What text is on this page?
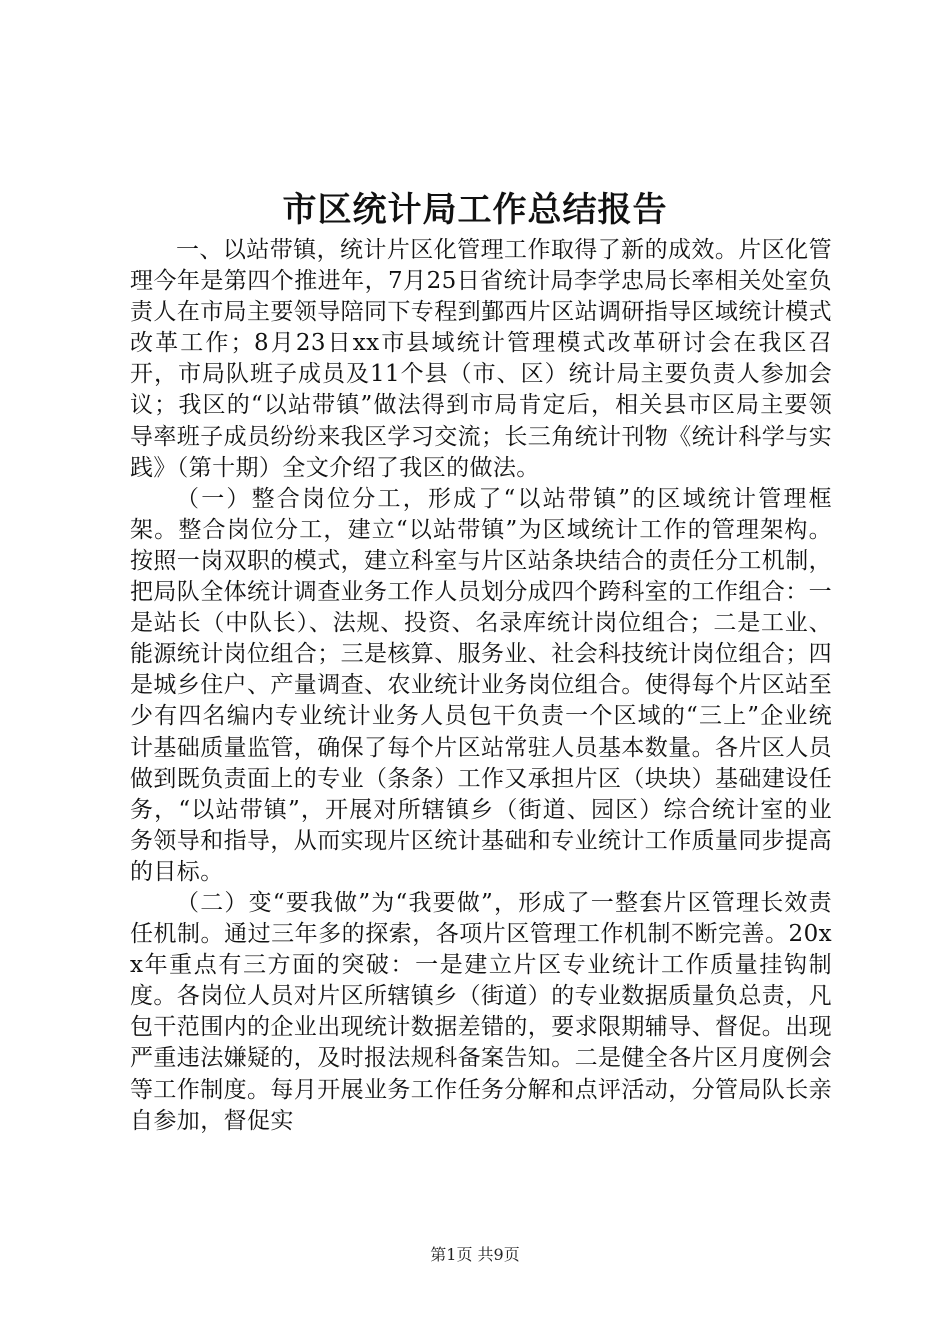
市区统计局工作总结报告

一、以站带镇，统计片区化管理工作取得了新的成效。片区化管理今年是第四个推进年，7月25日省统计局李学忠局长率相关处室负责人在市局主要领导陪同下专程到鄞西片区站调研指导区域统计模式改革工作；8月23日xx市县域统计管理模式改革研讨会在我区召开，市局队班子成员及11个县（市、区）统计局主要负责人参加会议；我区的“以站带镇”做法得到市局肯定后，相关县市区局主要领导率班子成员纷纷来我区学习交流；长三角统计刊物《统计科学与实践》（第十期）全文介绍了我区的做法。

（一）整合岗位分工，形成了“以站带镇”的区域统计管理框架。整合岗位分工，建立“以站带镇”为区域统计工作的管理架构。按照一岗双职的模式，建立科室与片区站条块结合的责任分工机制，把局队全体统计调查业务工作人员划分成四个跨科室的工作组合：一是站长（中队长）、法规、投资、名录库统计岗位组合；二是工业、能源统计岗位组合；三是核算、服务业、社会科技统计岗位组合；四是城乡住户、产量调查、农业统计业务岗位组合。使得每个片区站至少有四名编内专业统计业务人员包干负责一个区域的“三上”企业统计基础质量监管，确保了每个片区站常驻人员基本数量。各片区人员做到既负责面上的专业（条条）工作又承担片区（块块）基础建设任务，“以站带镇”，开展对所辖镇乡（街道、园区）综合统计室的业务领导和指导，从而实现片区统计基础和专业统计工作质量同步提高的目标。

（二）变“要我做”为“我要做”，形成了一整套片区管理长效责任机制。通过三年多的探索，各项片区管理工作机制不断完善。20xx年重点有三方面的突破：一是建立片区专业统计工作质量挂钩制度。各岗位人员对片区所辖镇乡（街道）的专业数据质量负总责，凡包干范围内的企业出现统计数据差错的，要求限期辅导、督促。出现严重违法嫌疑的，及时报法规科备案告知。二是健全各片区月度例会等工作制度。每月开展业务工作任务分解和点评活动，分管局队长亲自参加，督促实

第1页 共9页
